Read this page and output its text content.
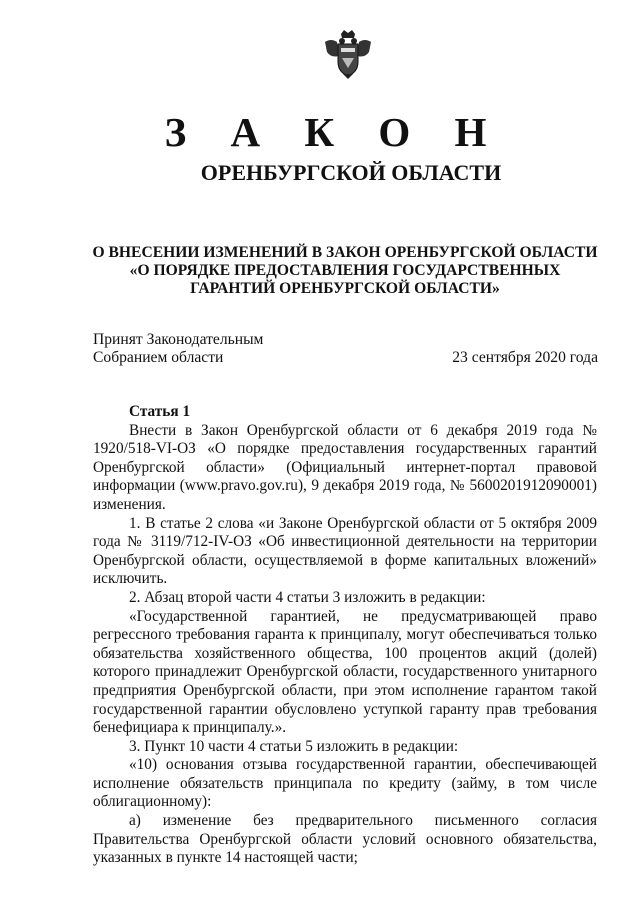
З А К О Н
ОРЕНБУРГСКОЙ ОБЛАСТИ
О ВНЕСЕНИИ ИЗМЕНЕНИЙ В ЗАКОН ОРЕНБУРГСКОЙ ОБЛАСТИ
«О ПОРЯДКЕ ПРЕДОСТАВЛЕНИЯ ГОСУДАРСТВЕННЫХ
ГАРАНТИЙ ОРЕНБУРГСКОЙ ОБЛАСТИ»
Принят Законодательным
Собранием области	23 сентября 2020 года
Статья 1

Внести в Закон Оренбургской области от 6 декабря 2019 года № 1920/518-VI-ОЗ «О порядке предоставления государственных гарантий Оренбургской области» (Официальный интернет-портал правовой информации (www.pravo.gov.ru), 9 декабря 2019 года, № 5600201912090001) изменения.

1. В статье 2 слова «и Законе Оренбургской области от 5 октября 2009 года № 3119/712-IV-ОЗ «Об инвестиционной деятельности на территории Оренбургской области, осуществляемой в форме капитальных вложений» исключить.

2. Абзац второй части 4 статьи 3 изложить в редакции:

«Государственной гарантией, не предусматривающей право регрессного требования гаранта к принципалу, могут обеспечиваться только обязательства хозяйственного общества, 100 процентов акций (долей) которого принадлежит Оренбургской области, государственного унитарного предприятия Оренбургской области, при этом исполнение гарантом такой государственной гарантии обусловлено уступкой гаранту прав требования бенефициара к принципалу.».

3. Пункт 10 части 4 статьи 5 изложить в редакции:

«10) основания отзыва государственной гарантии, обеспечивающей исполнение обязательств принципала по кредиту (займу, в том числе облигационному):

а) изменение без предварительного письменного согласия Правительства Оренбургской области условий основного обязательства, указанных в пункте 14 настоящей части;
